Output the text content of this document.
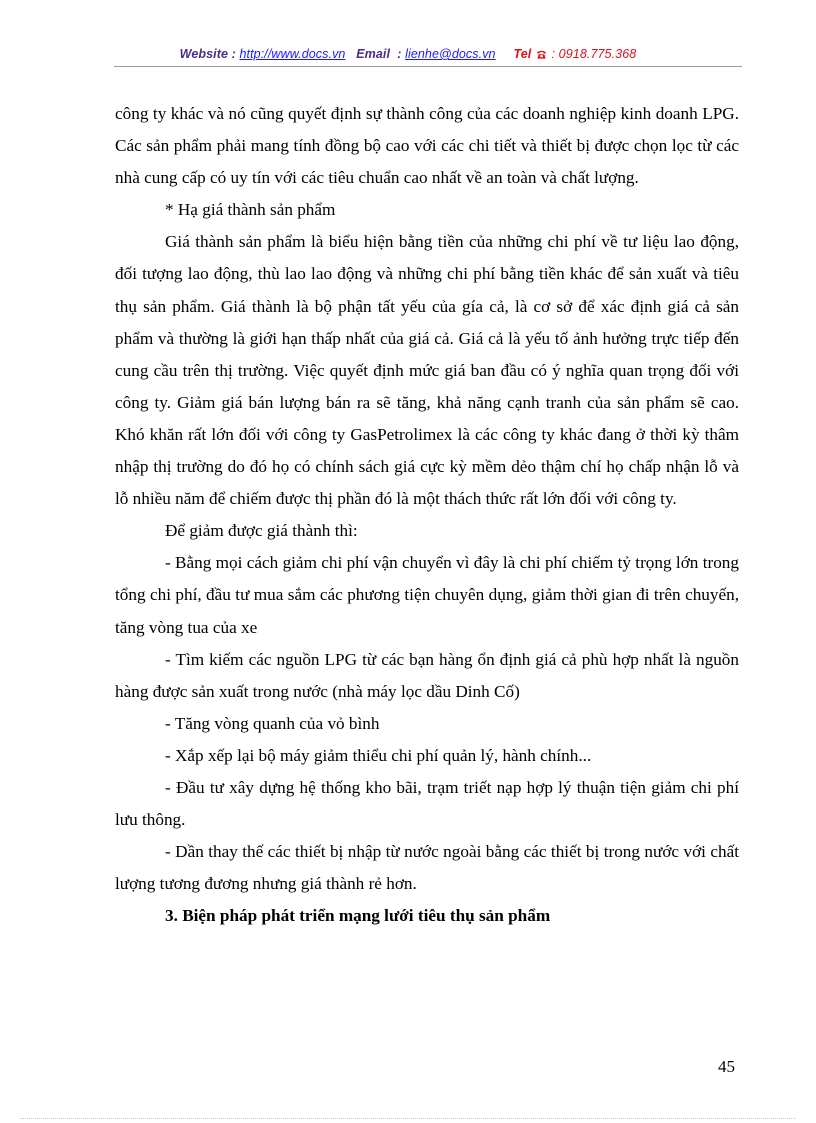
Website : http://www.docs.vn Email  : lienhe@docs.vn Tel : 0918.775.368

công ty khác và nó cũng quyết định sự thành công của các doanh nghiệp kinh doanh LPG. Các sản phẩm phải mang tính đồng bộ cao với các chi tiết và thiết bị được chọn lọc từ các nhà cung cấp có uy tín với các tiêu chuẩn cao nhất về an toàn và chất lượng.

* Hạ giá thành sản phẩm

Giá thành sản phẩm là biểu hiện bằng tiền của những chi phí về tư liệu lao động, đối tượng lao động, thù lao lao động và những chi phí bằng tiền khác để sản xuất và tiêu thụ sản phẩm. Giá thành là bộ phận tất yếu của gía cả, là cơ sở để xác định giá cả sản phẩm và thường là giới hạn thấp nhất của giá cả. Giá cả là yếu tố ảnh hưởng trực tiếp đến cung cầu trên thị trường. Việc quyết định mức giá ban đầu có ý nghĩa quan trọng đối với công ty. Giảm giá bán lượng bán ra sẽ tăng, khả năng cạnh tranh của sản phẩm sẽ cao. Khó khăn rất lớn đối với công ty GasPetrolimex là các công ty khác đang ở thời kỳ thâm nhập thị trường do đó họ có chính sách giá cực kỳ mềm dẻo thậm chí họ chấp nhận lỗ và lỗ nhiều năm để chiếm được thị phần đó là một thách thức rất lớn đối với công ty.

Để giảm được giá thành thì:

- Bằng mọi cách giảm chi phí vận chuyển vì đây là chi phí chiếm tỷ trọng lớn trong tổng chi phí, đầu tư mua sắm các phương tiện chuyên dụng, giảm thời gian đi trên chuyến, tăng vòng tua của xe

- Tìm kiếm các nguồn LPG từ các bạn hàng ổn định giá cả phù hợp nhất là nguồn hàng được sản xuất trong nước (nhà máy lọc dầu Dinh Cố)

- Tăng vòng quanh của vỏ bình

- Xắp xếp lại bộ máy giảm thiểu chi phí quản lý, hành chính...

- Đầu tư xây dựng hệ thống kho bãi, trạm triết nạp hợp lý thuận tiện giảm chi phí lưu thông.

- Dần thay thế các thiết bị nhập từ nước ngoài bằng các thiết bị trong nước với chất lượng tương đương nhưng giá thành rẻ hơn.

3. Biện pháp phát triển mạng lưới tiêu thụ sản phẩm

45
